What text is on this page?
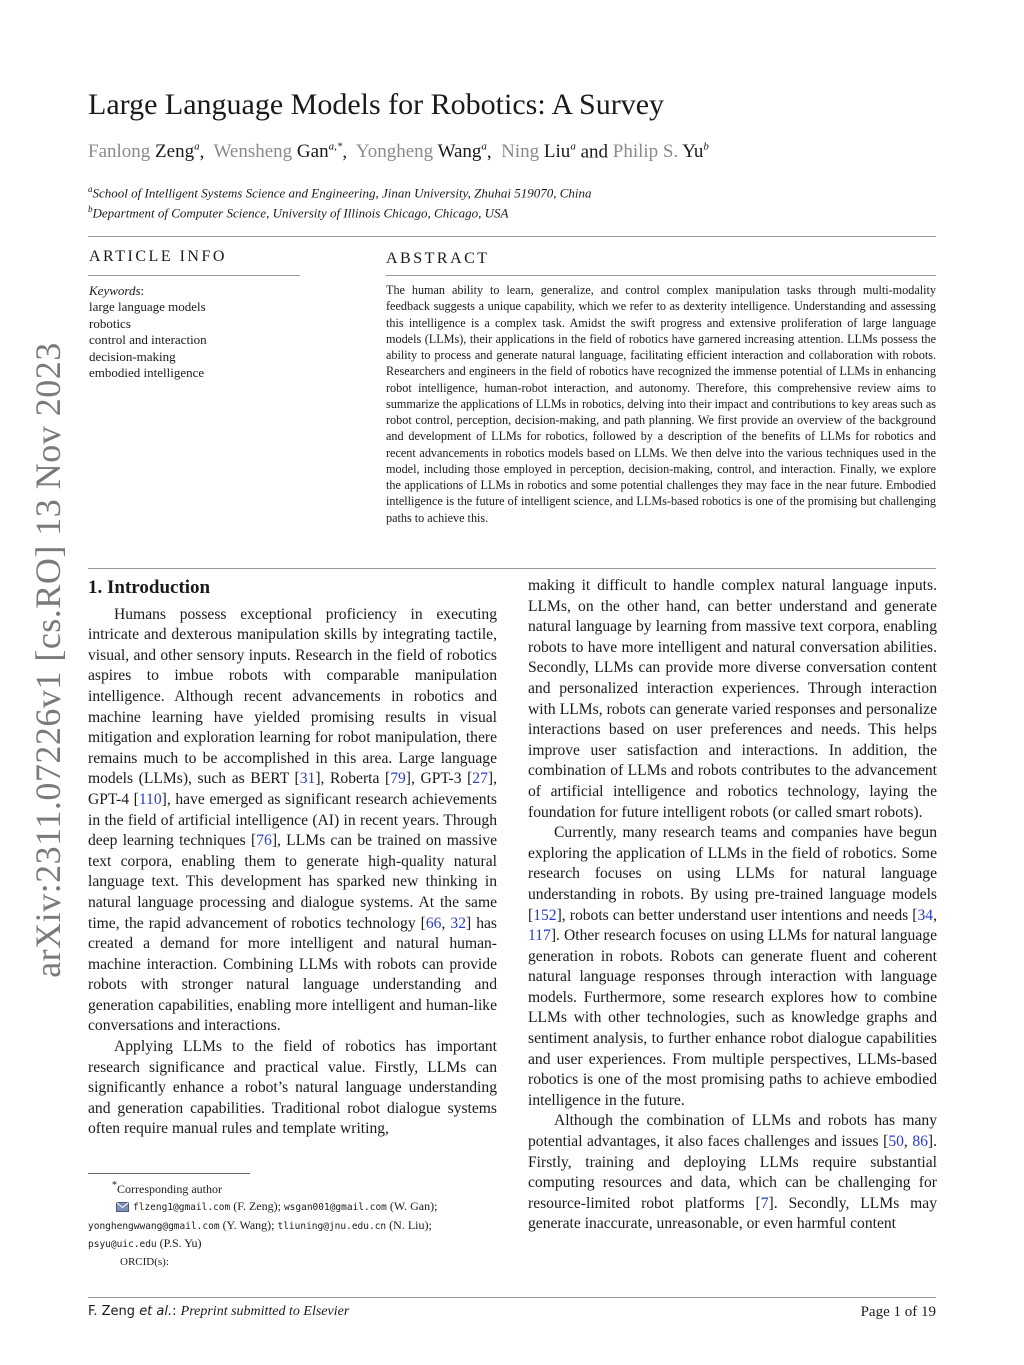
arXiv:2311.07226v1 [cs.RO] 13 Nov 2023
Large Language Models for Robotics: A Survey
Fanlong Zeng$^a$, Wensheng Gan$^{a,*}$, Yongheng Wang$^a$, Ning Liu$^a$ and Philip S. Yu$^b$
$^a$School of Intelligent Systems Science and Engineering, Jinan University, Zhuhai 519070, China
$^b$Department of Computer Science, University of Illinois Chicago, Chicago, USA
ARTICLE INFO
Keywords:
large language models
robotics
control and interaction
decision-making
embodied intelligence
ABSTRACT

The human ability to learn, generalize, and control complex manipulation tasks through multi-modality feedback suggests a unique capability, which we refer to as dexterity intelligence. Understanding and assessing this intelligence is a complex task. Amidst the swift progress and extensive proliferation of large language models (LLMs), their applications in the field of robotics have garnered increasing attention. LLMs possess the ability to process and generate natural language, facilitating efficient interaction and collaboration with robots. Researchers and engineers in the field of robotics have recognized the immense potential of LLMs in enhancing robot intelligence, human-robot interaction, and autonomy. Therefore, this comprehensive review aims to summarize the applications of LLMs in robotics, delving into their impact and contributions to key areas such as robot control, perception, decision-making, and path planning. We first provide an overview of the background and development of LLMs for robotics, followed by a description of the benefits of LLMs for robotics and recent advancements in robotics models based on LLMs. We then delve into the various techniques used in the model, including those employed in perception, decision-making, control, and interaction. Finally, we explore the applications of LLMs in robotics and some potential challenges they may face in the near future. Embodied intelligence is the future of intelligent science, and LLMs-based robotics is one of the promising but challenging paths to achieve this.

1. Introduction

Humans possess exceptional proficiency in executing intricate and dexterous manipulation skills by integrating tactile, visual, and other sensory inputs. Research in the field of robotics aspires to imbue robots with comparable manipulation intelligence. Although recent advancements in robotics and machine learning have yielded promising results in visual mitigation and exploration learning for robot manipulation, there remains much to be accomplished in this area. Large language models (LLMs), such as BERT [31], Roberta [79], GPT-3 [27], GPT-4 [110], have emerged as significant research achievements in the field of artificial intelligence (AI) in recent years. Through deep learning techniques [76], LLMs can be trained on massive text corpora, enabling them to generate high-quality natural language text. This development has sparked new thinking in natural language processing and dialogue systems. At the same time, the rapid advancement of robotics technology [66, 32] has created a demand for more intelligent and natural human-machine interaction. Combining LLMs with robots can provide robots with stronger natural language understanding and generation capabilities, enabling more intelligent and human-like conversations and interactions.

Applying LLMs to the field of robotics has important research significance and practical value. Firstly, LLMs can significantly enhance a robot’s natural language understanding and generation capabilities. Traditional robot dialogue systems often require manual rules and template writing,

making it difficult to handle complex natural language inputs. LLMs, on the other hand, can better understand and generate natural language by learning from massive text corpora, enabling robots to have more intelligent and natural conversation abilities. Secondly, LLMs can provide more diverse conversation content and personalized interaction experiences. Through interaction with LLMs, robots can generate varied responses and personalize interactions based on user preferences and needs. This helps improve user satisfaction and interactions. In addition, the combination of LLMs and robots contributes to the advancement of artificial intelligence and robotics technology, laying the foundation for future intelligent robots (or called smart robots).

Currently, many research teams and companies have begun exploring the application of LLMs in the field of robotics. Some research focuses on using LLMs for natural language understanding in robots. By using pre-trained language models [152], robots can better understand user intentions and needs [34, 117]. Other research focuses on using LLMs for natural language generation in robots. Robots can generate fluent and coherent natural language responses through interaction with language models. Furthermore, some research explores how to combine LLMs with other technologies, such as knowledge graphs and sentiment analysis, to further enhance robot dialogue capabilities and user experiences. From multiple perspectives, LLMs-based robotics is one of the most promising paths to achieve embodied intelligence in the future.

Although the combination of LLMs and robots has many potential advantages, it also faces challenges and issues [50, 86]. Firstly, training and deploying LLMs require substantial computing resources and data, which can be challenging for resource-limited robot platforms [7]. Secondly, LLMs may generate inaccurate, unreasonable, or even harmful content

*Corresponding author
flzeng1@gmail.com (F. Zeng); wsgan001@gmail.com (W. Gan);
yonghengwwang@gmail.com (Y. Wang); tliuning@jnu.edu.cn (N. Liu);
psyu@uic.edu (P.S. Yu)
ORCID(s):
F. Zeng et al.: Preprint submitted to Elsevier	Page 1 of 19
